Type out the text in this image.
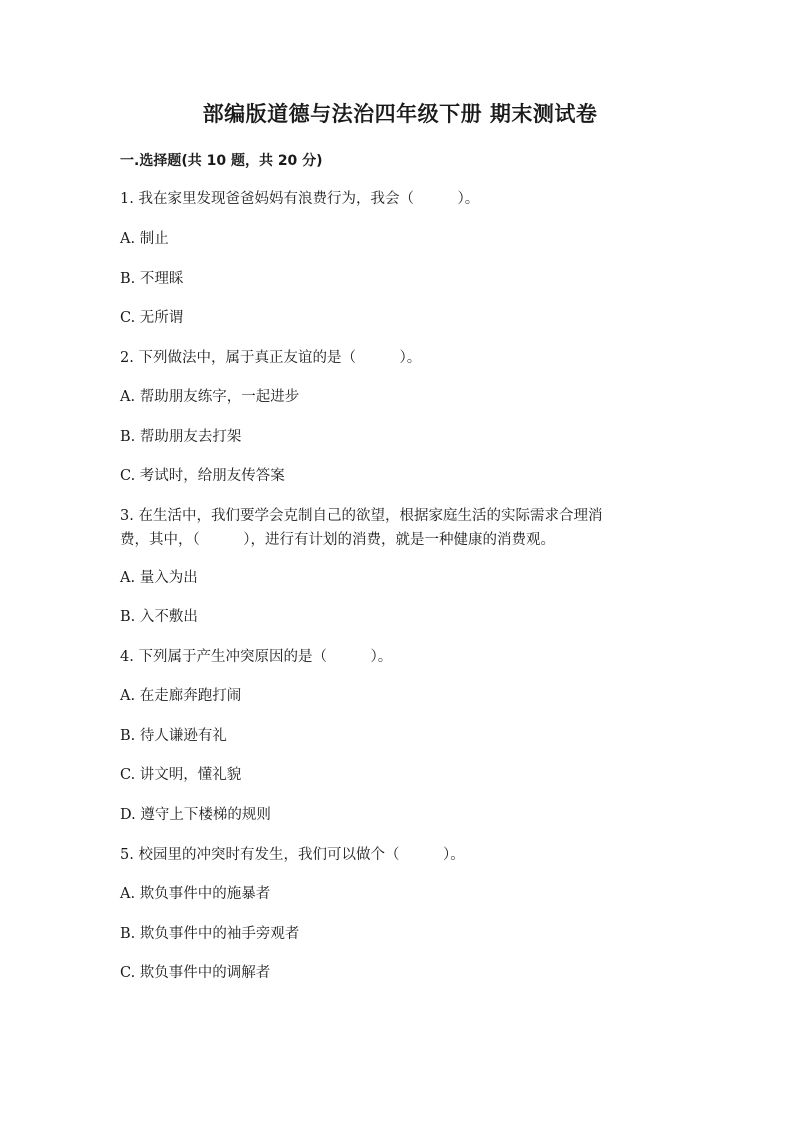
部编版道德与法治四年级下册 期末测试卷
一.选择题(共 10 题，共 20 分)
1. 我在家里发现爸爸妈妈有浪费行为，我会（　　　）。
A. 制止
B. 不理睬
C. 无所谓
2. 下列做法中，属于真正友谊的是（　　　）。
A. 帮助朋友练字，一起进步
B. 帮助朋友去打架
C. 考试时，给朋友传答案
3. 在生活中，我们要学会克制自己的欲望，根据家庭生活的实际需求合理消
费，其中，（　　　），进行有计划的消费，就是一种健康的消费观。
A. 量入为出
B. 入不敷出
4. 下列属于产生冲突原因的是（　　　）。
A. 在走廊奔跑打闹
B. 待人谦逊有礼
C. 讲文明，懂礼貌
D. 遵守上下楼梯的规则
5. 校园里的冲突时有发生，我们可以做个（　　　）。
A. 欺负事件中的施暴者
B. 欺负事件中的袖手旁观者
C. 欺负事件中的调解者
